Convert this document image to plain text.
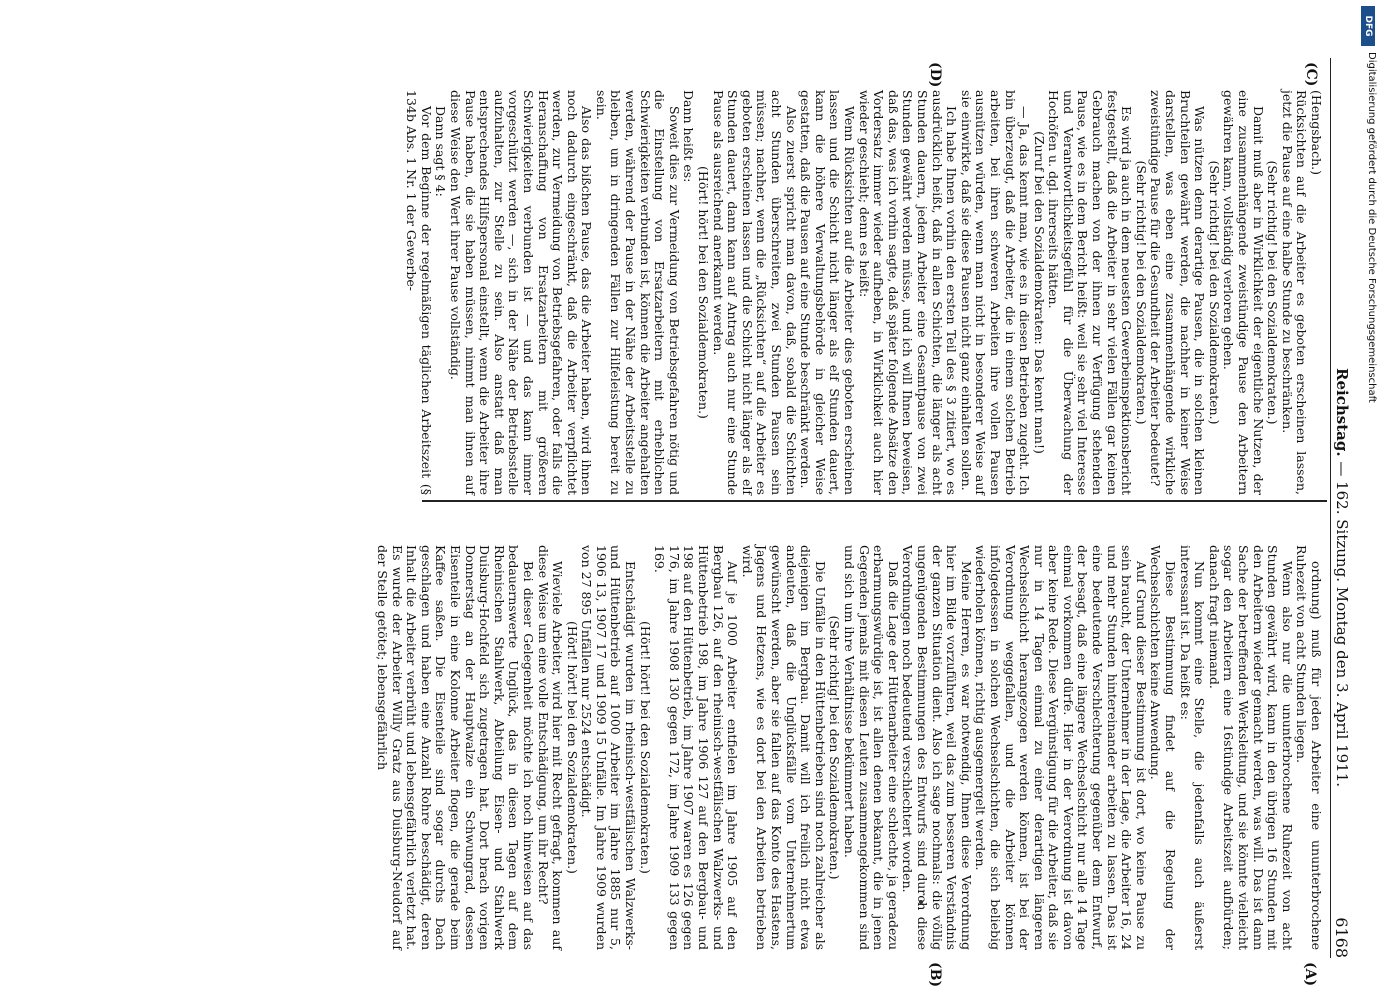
DFG
Digitalisierung gefördert durch die Deutsche Forschungsgemeinschaft
Reichstag. — 162. Sitzung. Montag den 3. April 1911.
6168
(C)
(D)
(A)
(B)

(Hengsbach.)

Rücksichten auf die Arbeiter es geboten erscheinen lassen, jetzt die Pause auf eine halbe Stunde zu beschränken.

(Sehr richtig! bei den Sozialdemokraten.)

Damit muß aber in Wirklichkeit der eigentliche Nutzen, der eine zusammenhängende zweistündige Pause den Arbeitern gewähren kann, vollständig verloren gehen.

(Sehr richtig! bei den Sozialdemokraten.)

Was nützen denn derartige Pausen, die in solchen kleinen Bruchteilen gewährt werden, die nachher in keiner Weise darstellen, was eben eine zusammenhängende wirkliche zweistündige Pause für die Gesundheit der Arbeiter bedeutet?

(Sehr richtig! bei den Sozialdemokraten.)

Es wird ja auch in dem neuesten Gewerbeinspektionsbericht festgestellt, daß die Arbeiter in sehr vielen Fällen gar keinen Gebrauch machen von der ihnen zur Verfügung stehenden Pause, wie es in dem Bericht heißt: weil sie sehr viel Interesse und Verantwortlichkeitsgefühl für die Überwachung der Hochöfen u. dgl. ihrerseits hätten.

(Zuruf bei den Sozialdemokraten: Das kennt man!)

— Ja, das kennt man, wie es in diesen Betrieben zugeht. Ich bin überzeugt, daß die Arbeiter, die in einem solchen Betrieb arbeiten, bei ihren schweren Arbeiten ihre vollen Pausen ausnützen würden, wenn man nicht in besonderer Weise auf sie einwirkte, daß sie diese Pausen nicht ganz einhalten sollen.

Ich habe Ihnen vorhin den ersten Teil des § 3 zitiert, wo es ausdrücklich heißt, daß in allen Schichten, die länger als acht Stunden dauern, jedem Arbeiter eine Gesamtpause von zwei Stunden gewährt werden müsse, und ich will Ihnen beweisen, daß das, was ich vorhin sagte, daß später folgende Absätze den Vordersatz immer wieder aufheben, in Wirklichkeit auch hier wieder geschieht; denn es heißt:

Wenn Rücksichten auf die Arbeiter dies geboten erscheinen lassen und die Schicht nicht länger als elf Stunden dauert, kann die höhere Verwaltungsbehörde in gleicher Weise gestatten, daß die Pausen auf eine Stunde beschränkt werden.

Also zuerst spricht man davon, daß, sobald die Schichten acht Stunden überschreiten, zwei Stunden Pausen sein müssen; nachher, wenn die „Rücksichten“ auf die Arbeiter es geboten erscheinen lassen und die Schicht nicht länger als elf Stunden dauert, dann kann auf Antrag auch nur eine Stunde Pause als ausreichend anerkannt werden.

(Hört! hört! bei den Sozialdemokraten.)

Dann heißt es:

Soweit dies zur Vermeidung von Betriebsgefahren nötig und die Einstellung von Ersatzarbeitern mit erheblichen Schwierigkeiten verbunden ist, können die Arbeiter angehalten werden, während der Pause in der Nähe der Arbeitsstelle zu bleiben, um in dringenden Fällen zur Hilfeleistung bereit zu sein.

Also das bißchen Pause, das die Arbeiter haben, wird ihnen noch dadurch eingeschränkt, daß die Arbeiter verpflichtet werden, zur Vermeidung von Betriebsgefahren, oder falls die Heranschaffung von Ersatzarbeitern mit größeren Schwierigkeiten verbunden ist — und das kann immer vorgeschützt werden —, sich in der Nähe der Betriebsstelle aufzuhalten, zur Stelle zu sein. Also anstatt daß man entsprechendes Hilfspersonal einstellt, wenn die Arbeiter ihre Pause haben, die sie haben müssen, nimmt man ihnen auf diese Weise den Wert ihrer Pause vollständig.

Dann sagt § 4:

Vor dem Beginne der regelmäßigen täglichen Arbeitszeit (§ 134b Abs. 1 Nr. 1 der Gewerbe-

ordnung) muß für jeden Arbeiter eine ununterbrochene Ruhezeit von acht Stunden liegen.

Wenn also nur die ununterbrochene Ruhezeit von acht Stunden gewährt wird, kann in den übrigen 16 Stunden mit den Arbeitern wieder gemacht werden, was will. Das ist dann Sache der betreffenden Werksleitung, und sie könnte vielleicht sogar den Arbeitern eine 16stündige Arbeitszeit aufbürden; danach fragt niemand.

Nun kommt eine Stelle, die jedenfalls auch äußerst interessant ist. Da heißt es:

Diese Bestimmung findet auf die Regelung der Wechselschichten keine Anwendung.

Auf Grund dieser Bestimmung ist dort, wo keine Pause zu sein braucht, der Unternehmer in der Lage, die Arbeiter 16, 24 und mehr Stunden hintereinander arbeiten zu lassen. Das ist eine bedeutende Verschlechterung gegenüber dem Entwurf, der besagt, daß eine längere Wechselschicht nur alle 14 Tage einmal vorkommen dürfe. Hier in der Verordnung ist davon aber keine Rede. Diese Vergünstigung für die Arbeiter, daß sie nur in 14 Tagen einmal zu einer derartigen längeren Wechselschicht herangezogen werden können, ist bei der Verordnung weggefallen, und die Arbeiter können infolgedessen in solchen Wechselschichten, die sich beliebig wiederholen können, richtig ausgemergelt werden.

Meine Herren, es war notwendig, Ihnen diese Verordnung hier im Bilde vorzuführen, weil das zum besseren Verständnis der ganzen Situation dient. Also ich sage nochmals: die völlig ungenügenden Bestimmungen des Entwurfs sind durch diese Verordnungen noch bedeutend verschlechtert worden.

Daß die Lage der Hüttenarbeiter eine schlechte, ja geradezu erbarmungswürdige ist, ist allen denen bekannt, die in jenen Gegenden jemals mit diesen Leuten zusammengekommen sind und sich um ihre Verhältnisse bekümmert haben.

(Sehr richtig! bei den Sozialdemokraten.)

Die Unfälle in den Hüttenbetrieben sind noch zahlreicher als diejenigen im Bergbau. Damit will ich freilich nicht etwa andeuten, daß die Unglücksfälle vom Unternehmertum gewünscht werden, aber sie fallen auf das Konto des Hastens, Jagens und Hetzens, wie es dort bei den Arbeiten betrieben wird.

Auf je 1000 Arbeiter entfielen im Jahre 1905 auf den Bergbau 126, auf den rheinisch-westfälischen Walzwerks- und Hüttenbetrieb 198, im Jahre 1906 127 auf den Bergbau- und 198 auf den Hüttenbetrieb, im Jahre 1907 waren es 126 gegen 176, im Jahre 1908 130 gegen 172, im Jahre 1909 133 gegen 169.

(Hört! hört! bei den Sozialdemokraten.)

Entschädigt wurden im rheinisch-westfälischen Walzwerks- und Hüttenbetrieb auf 1000 Arbeiter im Jahre 1885 nur 5, 1906 13, 1907 17 und 1909 15 Unfälle. Im Jahre 1909 wurden von 27 895 Unfällen nur 2524 entschädigt.

(Hört! hört! bei den Sozialdemokraten.)

Wieviele Arbeiter, wird hier mit Recht gefragt, kommen auf diese Weise um eine volle Entschädigung, um ihr Recht?

Bei dieser Gelegenheit möchte ich noch hinweisen auf das bedauernswerte Unglück, das in diesen Tagen auf dem Rheinischen Stahlwerk, Abteilung Eisen- und Stahlwerk Duisburg-Hochfeld sich zugetragen hat. Dort brach vorigen Donnerstag an der Hauptwalze ein Schwungrad, dessen Eisenteile in eine Kolonne Arbeiter flogen, die gerade beim Kaffee saßen. Die Eisenteile sind sogar durchs Dach geschlagen und haben eine Anzahl Rohre beschädigt, deren Inhalt die Arbeiter verbrüht und lebensgefährlich verletzt hat. Es wurde der Arbeiter Willy Gratz aus Duisburg-Neudorf auf der Stelle getötet; lebensgefährlich
